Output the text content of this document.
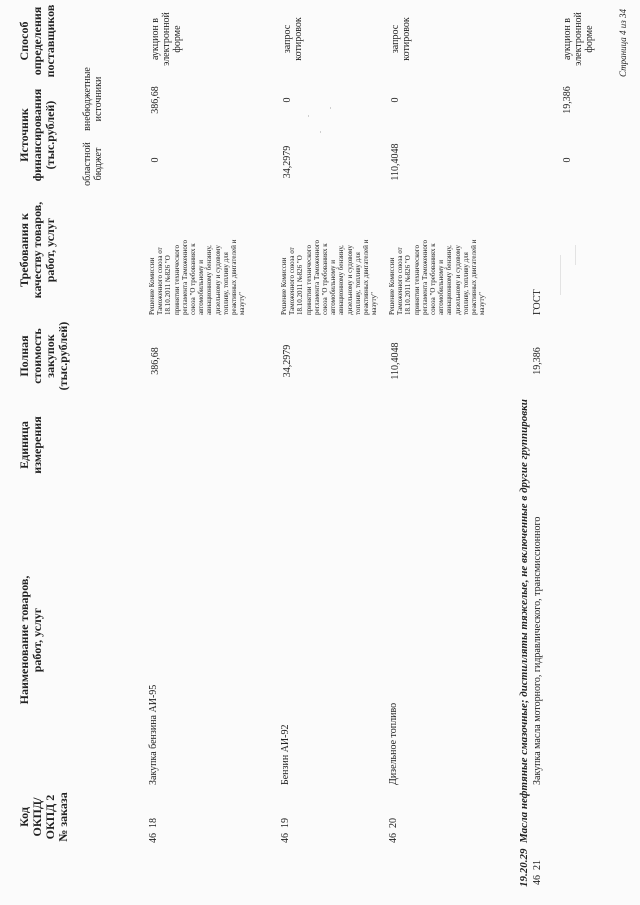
Код ОКПД/ ОКПД 2 № заказа
Наименование товаров, работ, услуг
Единица измерения
Полная стоимость закупок (тыс.рублей)
Требования к качеству товаров, работ, услуг
Источник финансирования (тыс.рублей)	областной бюджет
внебюджетные источники
Способ определения поставщиков
46  18
Закупка бензина АИ-95
386,68
Решение Комиссии Таможенного союза от 18.10.2011 №826 "О принятии технического регламента Таможенного союза "О требованиях к автомобильному и авиационному бензину, дизельному и судовому топливу, топливу для реактивных двигателей и мазуту"
0
386,68
аукцион в электронной форме
46  19
Бензин АИ-92
34,2979
Решение Комиссии Таможенного союза от 18.10.2011 №826 "О принятии технического регламента Таможенного союза "О требованиях к автомобильному и авиационному бензину, дизельному и судовому топливу, топливу для реактивных двигателей и мазуту"
34,2979
0
запрос котировок
46  20
Дизельное топливо
110,4048
Решение Комиссии Таможенного союза от 18.10.2011 №826 "О принятии технического регламента Таможенного союза "О требованиях к автомобильному и авиационному бензину, дизельному и судовому топливу, топливу для реактивных двигателей и мазуту"
110,4048
0
запрос котировок
19.20.29  Масла нефтяные смазочные; дистилляты тяжелые, не включенные в другие группировки
46  21
Закупка масла моторного, гидравлического, трансмиссионного
19,386
ГОСТ
0
19,386
аукцион в электронной форме	Страница 4 из 34
